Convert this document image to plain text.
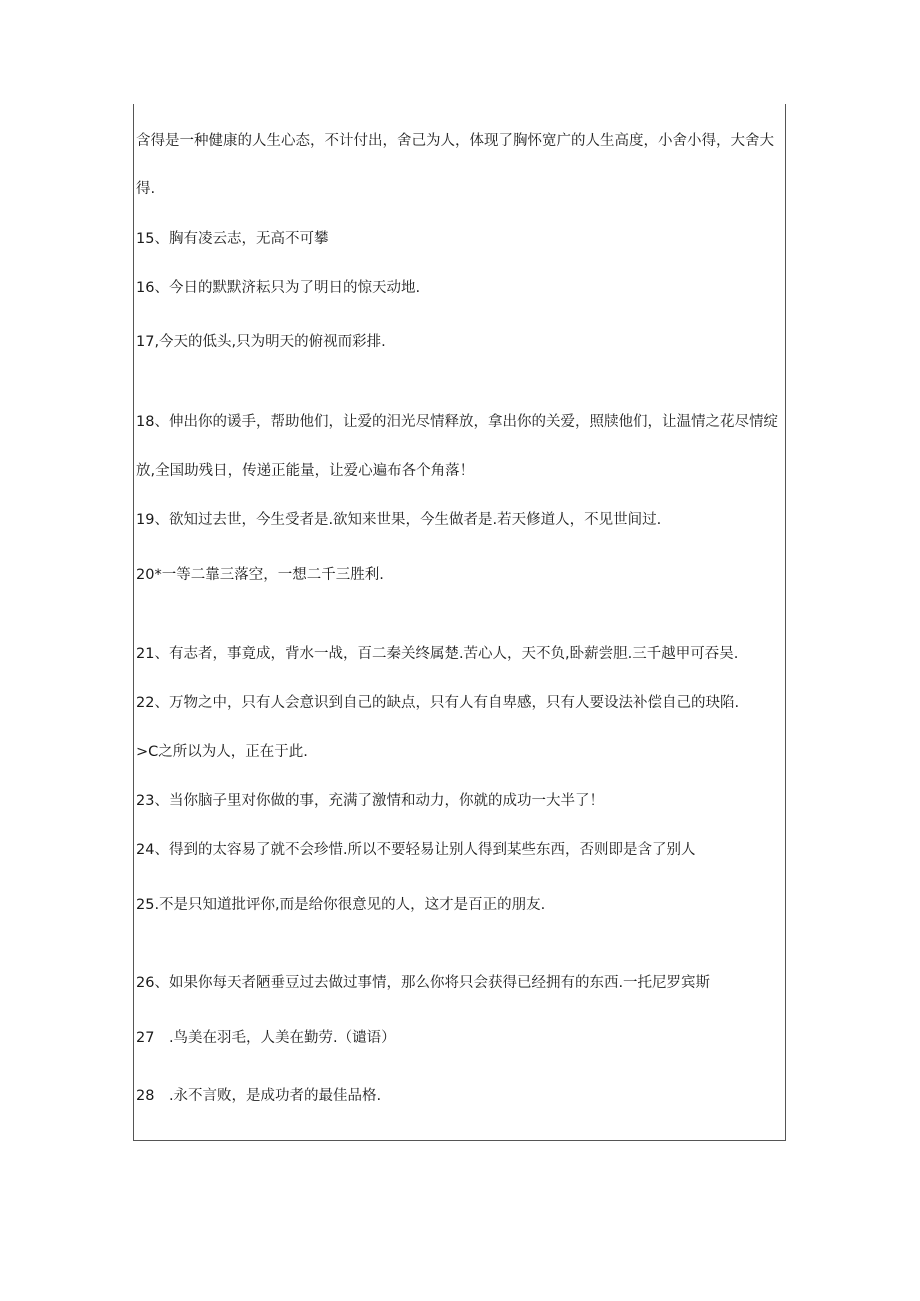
含得是一种健康的人生心态，不计付出，舍己为人，体现了胸怀宽广的人生高度，小舍小得，大舍大
得.
15、胸有凌云志，无高不可攀
16、今日的默默济耘只为了明日的惊天动地.
17,今天的低头,只为明天的俯视而彩排.
18、伸出你的谖手，帮助他们，让爱的汨光尽情释放，拿出你的关爱，照牍他们，让温情之花尽情绽
放,全国助残日，传递正能量，让爱心遍布各个角落！
19、欲知过去世，今生受者是.欲知来世果，今生做者是.若天修道人，不见世间过.
20*一等二靠三落空，一想二千三胜利.
21、有志者，事竟成，背水一战，百二秦关终属楚.苦心人，天不负,卧薪尝胆.三千越甲可吞吴.
22、万物之中，只有人会意识到自己的缺点，只有人有自卑感，只有人要设法补偿自己的玦陷.
>C之所以为人，正在于此.
23、当你脑子里对你做的事，充满了激情和动力，你就的成功一大半了！
24、得到的太容易了就不会珍惜.所以不要轻易让别人得到某些东西，否则即是含了别人
25.不是只知道批评你,而是给你很意见的人，这才是百正的朋友.
26、如果你每天者陋垂豆过去做过事情，那么你将只会获得已经拥有的东西.一托尼罗宾斯
27　.鸟美在羽毛，人美在勤劳.（谴语）
28　.永不言败，是成功者的最佳品格.
